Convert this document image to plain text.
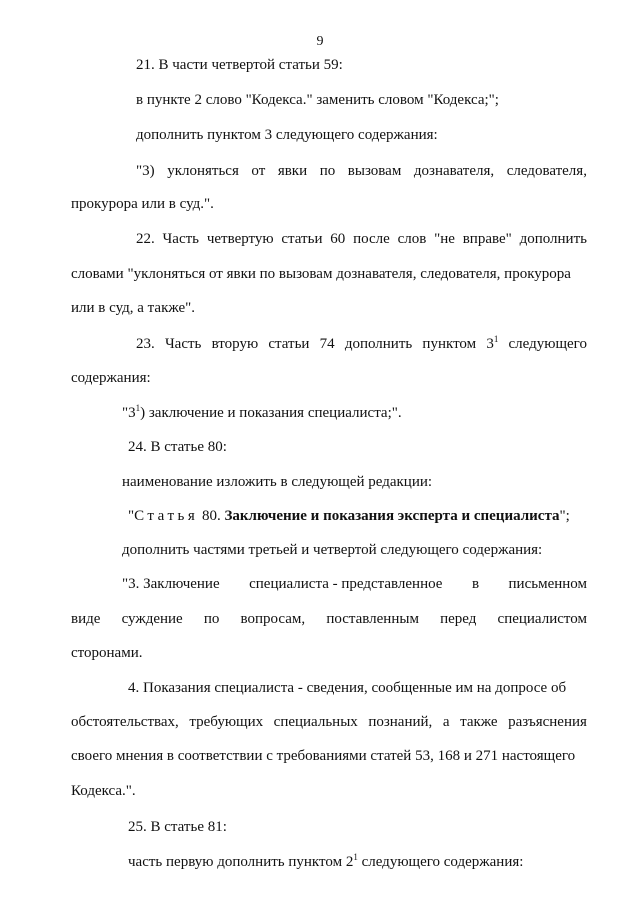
9
21. В части четвертой статьи 59:
в пункте 2 слово "Кодекса." заменить словом "Кодекса;";
дополнить пунктом 3 следующего содержания:
"3) уклоняться от явки по вызовам дознавателя, следователя,
прокурора или в суд.".
22. Часть четвертую статьи 60 после слов "не вправе" дополнить
словами "уклоняться от явки по вызовам дознавателя, следователя, прокурора
или в суд, а также".
23. Часть вторую статьи 74 дополнить пунктом $3^1$ следующего
содержания:
"$3^1$) заключение и показания специалиста;".
24. В статье 80:
наименование изложить в следующей редакции:
"Статья 80. Заключение и показания эксперта и специалиста";
дополнить частями третьей и четвертой следующего содержания:
"3. Заключение специалиста - представленное в письменном
виде суждение по вопросам, поставленным перед специалистом
сторонами.
4. Показания специалиста - сведения, сообщенные им на допросе об
обстоятельствах, требующих специальных познаний, а также разъяснения
своего мнения в соответствии с требованиями статей 53, 168 и 271 настоящего
Кодекса.".
25. В статье 81:
часть первую дополнить пунктом $2^1$ следующего содержания:
